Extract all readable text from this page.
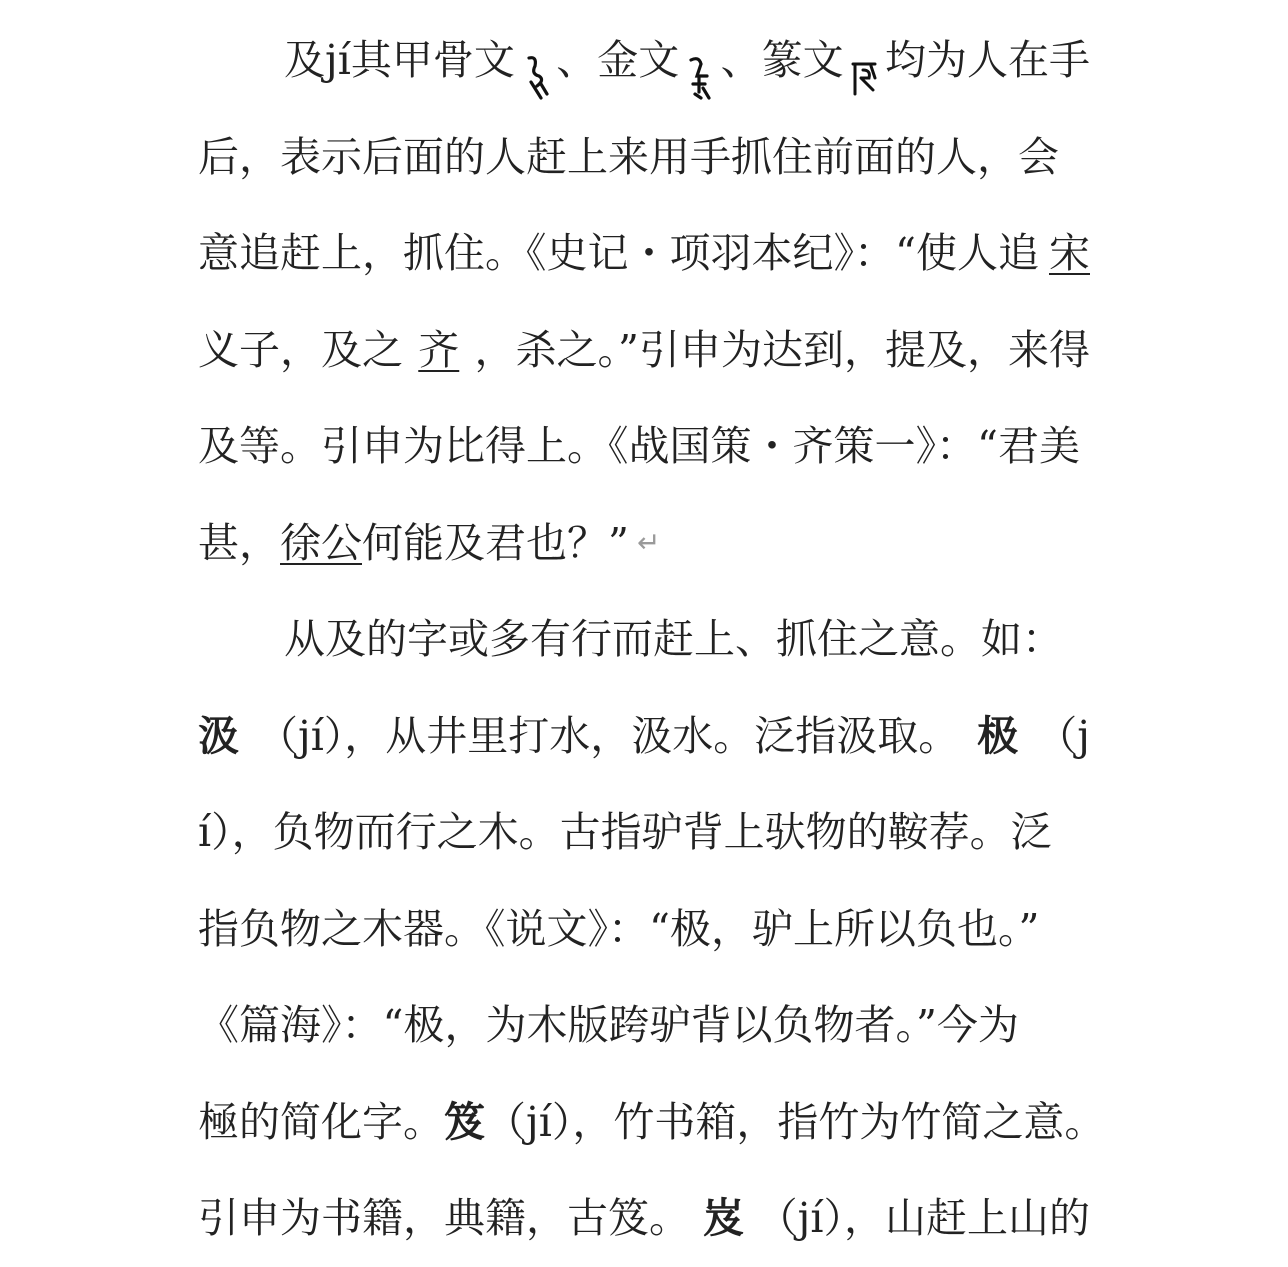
及jí其甲骨文 、金文 、篆文 均为人在手
后，表示后面的人赶上来用手抓住前面的人，会
意追赶上，抓住。《史记・项羽本纪》：“使人追 宋
义子，及之 齐 ，杀之。”引申为达到，提及，来得
及等。引申为比得上。《战国策・齐策一》：“君美
甚， 徐公 何能及君也？” ↵
从及的字或多有行而赶上、抓住之意。如：
汲 （jí），从井里打水，汲水。泛指汲取。 极 （j
í），负物而行之木。古指驴背上驮物的鞍荐。泛
指负物之木器。《说文》：“极，驴上所以负也。”
《篇海》：“极，为木版跨驴背以负物者。”今为
極的简化字。 笈 （jí），竹书箱，指竹为竹简之意。
引申为书籍，典籍，古笈。 岌 （jí），山赶上山的
